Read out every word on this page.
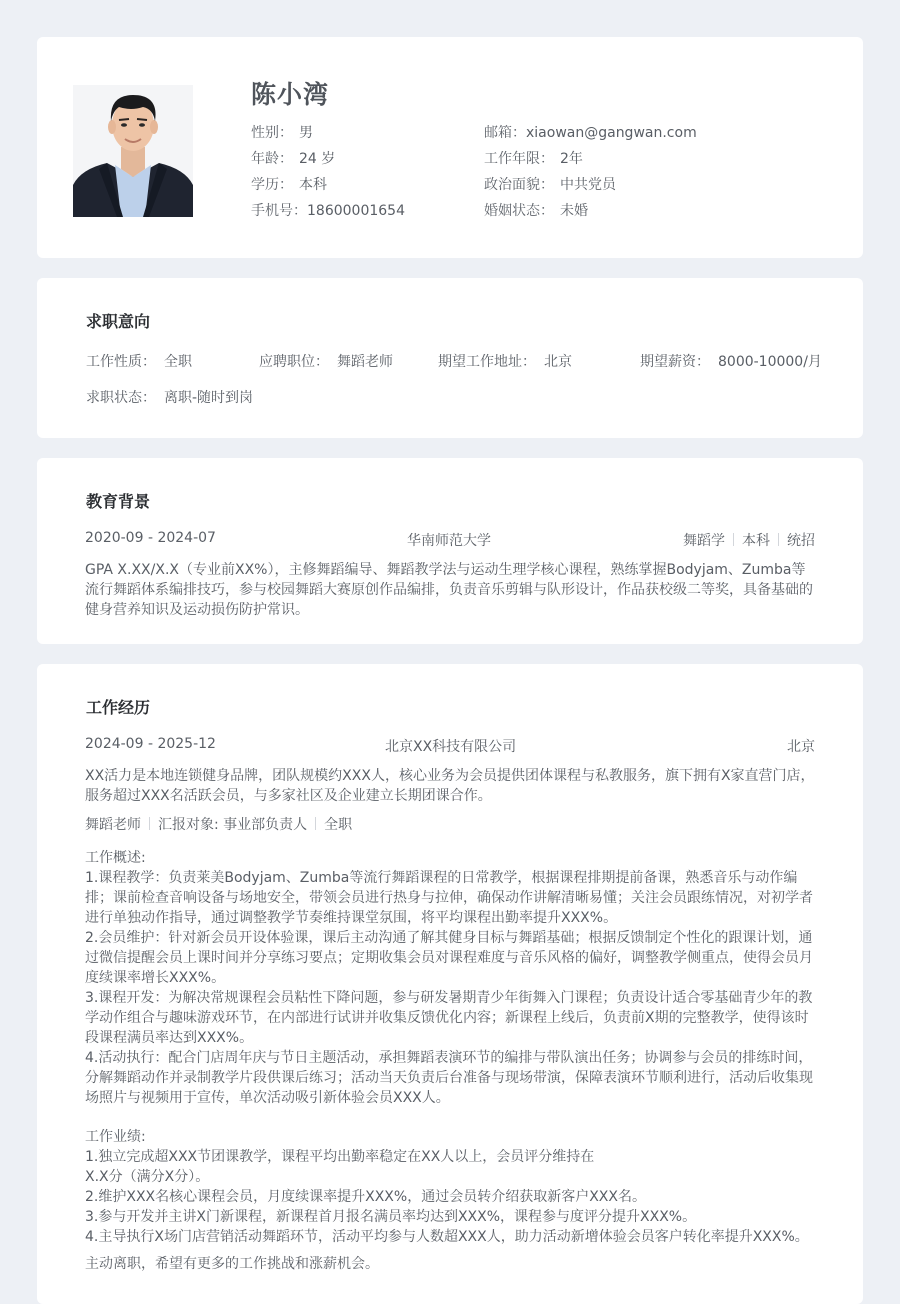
陈小湾
性别： 男
年龄： 24 岁
学历： 本科
手机号：18600001654
邮箱：xiaowan@gangwan.com
工作年限： 2年
政治面貌： 中共党员
婚姻状态： 未婚
求职意向
工作性质： 全职	应聘职位： 舞蹈老师	期望工作地址： 北京	期望薪资： 8000-10000/月
求职状态： 离职-随时到岗
教育背景
2020-09 - 2024-07	华南师范大学	舞蹈学 本科 统招
GPA X.XX/X.X（专业前XX%），主修舞蹈编导、舞蹈教学法与运动生理学核心课程，熟练掌握Bodyjam、Zumba等流行舞蹈体系编排技巧，参与校园舞蹈大赛原创作品编排，负责音乐剪辑与队形设计，作品获校级二等奖，具备基础的健身营养知识及运动损伤防护常识。
工作经历
2024-09 - 2025-12	北京XX科技有限公司	北京
XX活力是本地连锁健身品牌，团队规模约XXX人，核心业务为会员提供团体课程与私教服务，旗下拥有X家直营门店，服务超过XXX名活跃会员，与多家社区及企业建立长期团课合作。
舞蹈老师 汇报对象: 事业部负责人 全职
工作概述:
1.课程教学：负责莱美Bodyjam、Zumba等流行舞蹈课程的日常教学，根据课程排期提前备课，熟悉音乐与动作编排；课前检查音响设备与场地安全，带领会员进行热身与拉伸，确保动作讲解清晰易懂；关注会员跟练情况，对初学者进行单独动作指导，通过调整教学节奏维持课堂氛围，将平均课程出勤率提升XXX%。
2.会员维护：针对新会员开设体验课，课后主动沟通了解其健身目标与舞蹈基础；根据反馈制定个性化的跟课计划，通过微信提醒会员上课时间并分享练习要点；定期收集会员对课程难度与音乐风格的偏好，调整教学侧重点，使得会员月度续课率增长XXX%。
3.课程开发：为解决常规课程会员粘性下降问题，参与研发暑期青少年街舞入门课程；负责设计适合零基础青少年的教学动作组合与趣味游戏环节，在内部进行试讲并收集反馈优化内容；新课程上线后，负责前X期的完整教学，使得该时段课程满员率达到XXX%。
4.活动执行：配合门店周年庆与节日主题活动，承担舞蹈表演环节的编排与带队演出任务；协调参与会员的排练时间，分解舞蹈动作并录制教学片段供课后练习；活动当天负责后台准备与现场带演，保障表演环节顺利进行，活动后收集现场照片与视频用于宣传，单次活动吸引新体验会员XXX人。
工作业绩:
1.独立完成超XXX节团课教学，课程平均出勤率稳定在XX人以上，会员评分维持在
X.X分（满分X分）。
2.维护XXX名核心课程会员，月度续课率提升XXX%，通过会员转介绍获取新客户XXX名。
3.参与开发并主讲X门新课程，新课程首月报名满员率均达到XXX%，课程参与度评分提升XXX%。
4.主导执行X场门店营销活动舞蹈环节，活动平均参与人数超XXX人，助力活动新增体验会员客户转化率提升XXX%。
主动离职，希望有更多的工作挑战和涨薪机会。
